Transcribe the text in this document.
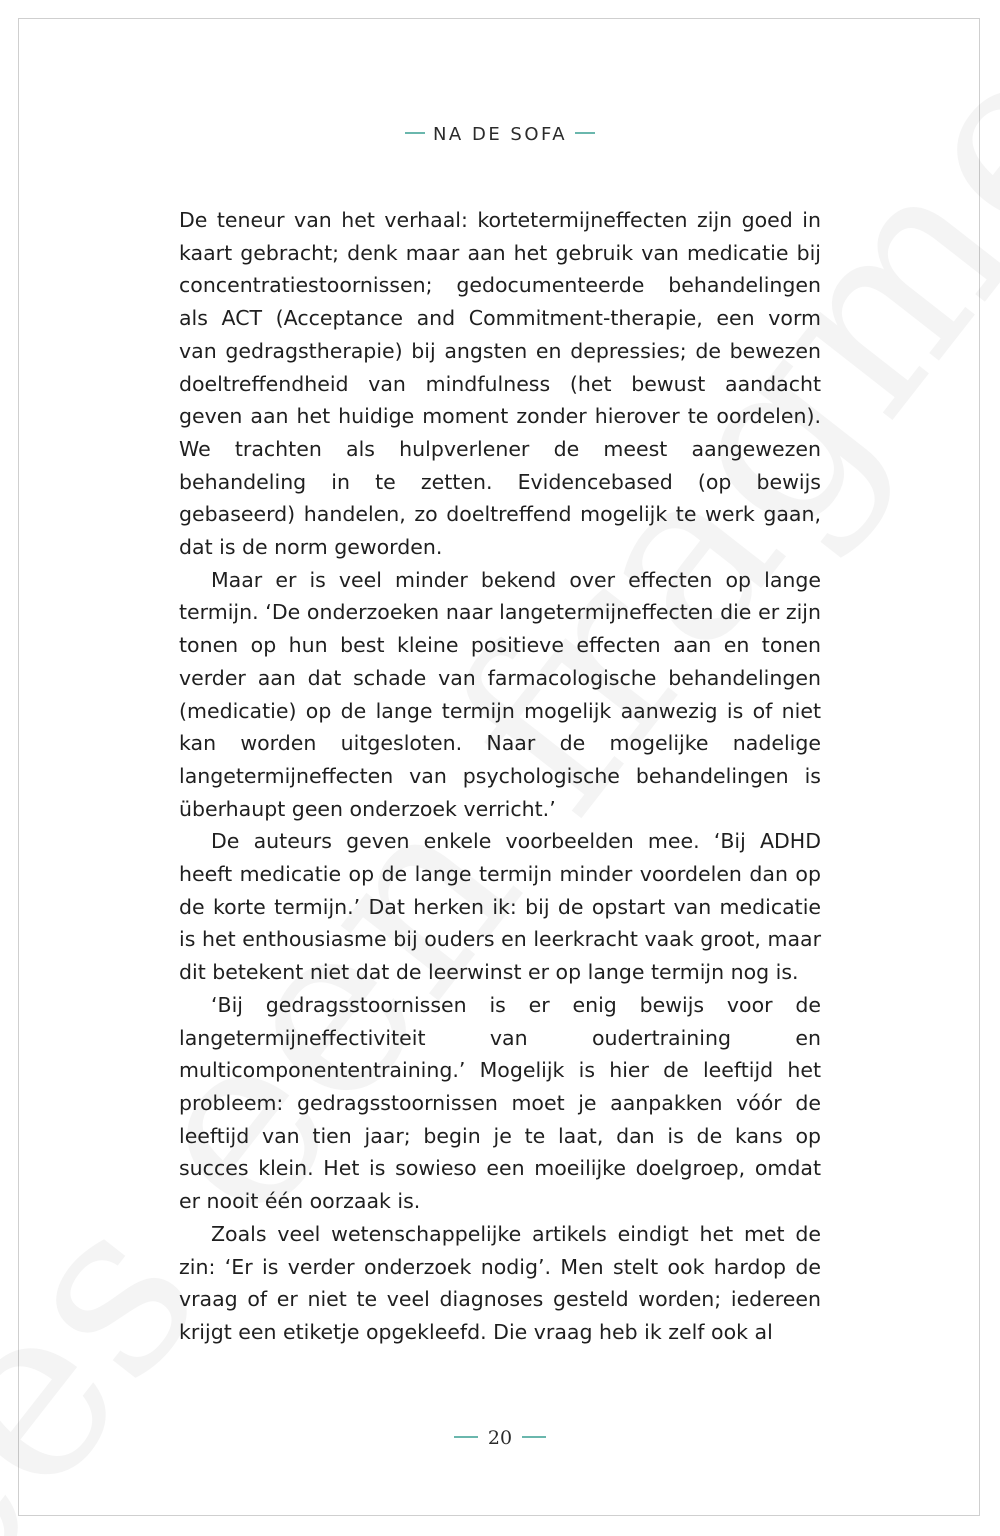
NA DE SOFA

De teneur van het verhaal: kortetermijneffecten zijn goed in kaart gebracht; denk maar aan het gebruik van medicatie bij concentratiestoornissen; gedocumenteerde behandelingen als ACT (Acceptance and Commitment-therapie, een vorm van gedragstherapie) bij angsten en depressies; de bewezen doeltreffendheid van mindfulness (het bewust aandacht geven aan het huidige moment zonder hierover te oordelen). We trachten als hulpverlener de meest aangewezen behandeling in te zetten. Evidencebased (op bewijs gebaseerd) handelen, zo doeltreffend mogelijk te werk gaan, dat is de norm geworden.

Maar er is veel minder bekend over effecten op lange termijn. ‘De onderzoeken naar langetermijneffecten die er zijn tonen op hun best kleine positieve effecten aan en tonen verder aan dat schade van farmacologische behandelingen (medicatie) op de lange termijn mogelijk aanwezig is of niet kan worden uitgesloten. Naar de mogelijke nadelige langetermijneffecten van psychologische behandelingen is überhaupt geen onderzoek verricht.’

De auteurs geven enkele voorbeelden mee. ‘Bij ADHD heeft medicatie op de lange termijn minder voordelen dan op de korte termijn.’ Dat herken ik: bij de opstart van medicatie is het enthousiasme bij ouders en leerkracht vaak groot, maar dit betekent niet dat de leerwinst er op lange termijn nog is.

‘Bij gedragsstoornissen is er enig bewijs voor de langetermijneffectiviteit van oudertraining en multicomponententraining.’ Mogelijk is hier de leeftijd het probleem: gedragsstoornissen moet je aanpakken vóór de leeftijd van tien jaar; begin je te laat, dan is de kans op succes klein. Het is sowieso een moeilijke doelgroep, omdat er nooit één oorzaak is.

Zoals veel wetenschappelijke artikels eindigt het met de zin: ‘Er is verder onderzoek nodig’. Men stelt ook hardop de vraag of er niet te veel diagnoses gesteld worden; iedereen krijgt een etiketje opgekleefd. Die vraag heb ik zelf ook al

20
